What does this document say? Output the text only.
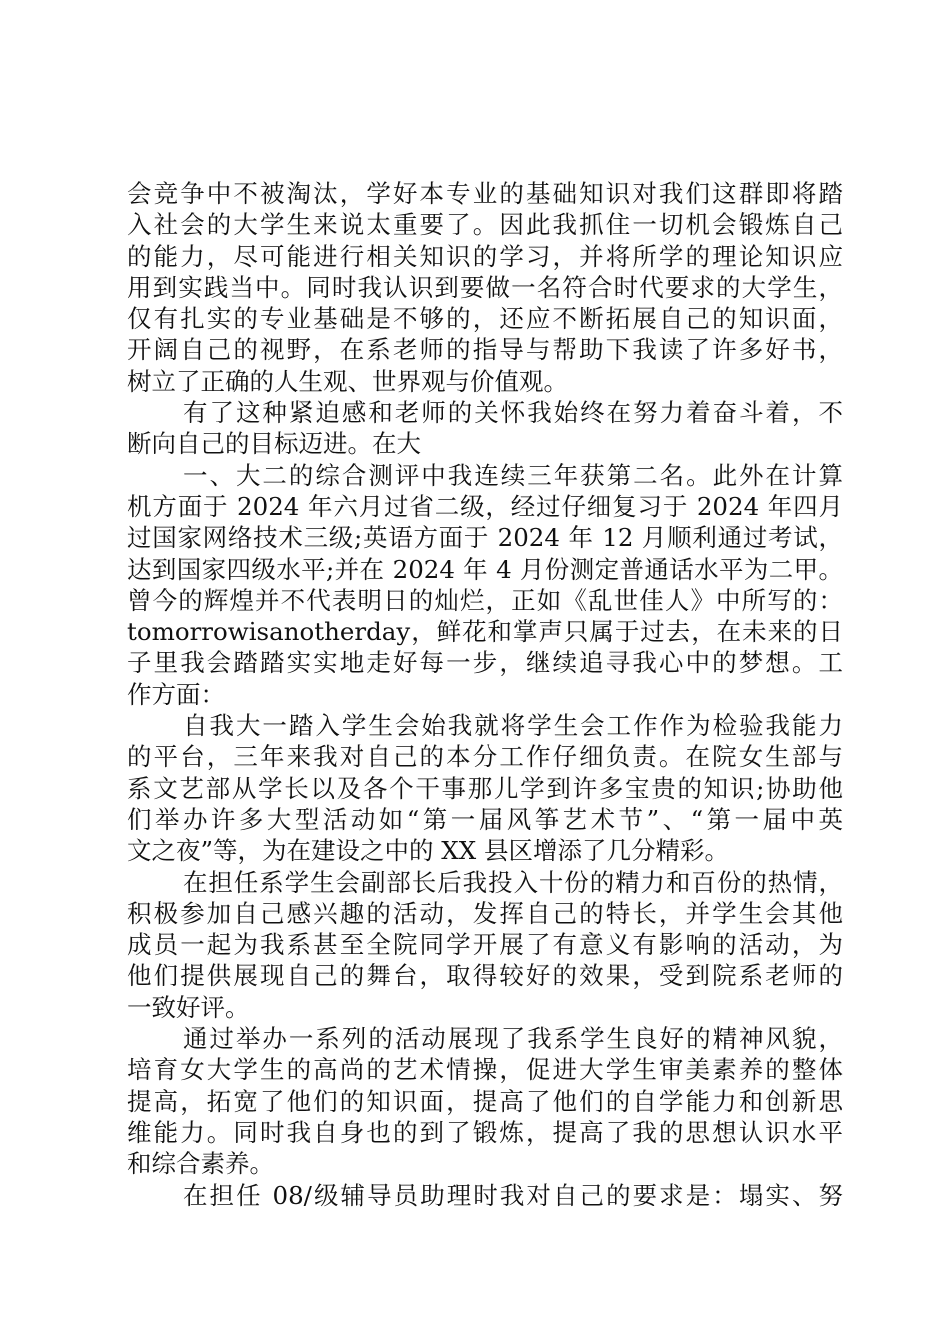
会竞争中不被淘汰，学好本专业的基础知识对我们这群即将踏
入社会的大学生来说太重要了。因此我抓住一切机会锻炼自己
的能力，尽可能进行相关知识的学习，并将所学的理论知识应
用到实践当中。同时我认识到要做一名符合时代要求的大学生，
仅有扎实的专业基础是不够的，还应不断拓展自己的知识面，
开阔自己的视野，在系老师的指导与帮助下我读了许多好书，
树立了正确的人生观、世界观与价值观。
有了这种紧迫感和老师的关怀我始终在努力着奋斗着，不
断向自己的目标迈进。在大
一、大二的综合测评中我连续三年获第二名。此外在计算
机方面于 2024 年六月过省二级，经过仔细复习于 2024 年四月
过国家网络技术三级;英语方面于 2024 年 12 月顺利通过考试，
达到国家四级水平;并在 2024 年 4 月份测定普通话水平为二甲。
曾今的辉煌并不代表明日的灿烂，正如《乱世佳人》中所写的：
tomorrowisanotherday，鲜花和掌声只属于过去，在未来的日
子里我会踏踏实实地走好每一步，继续追寻我心中的梦想。工
作方面：
自我大一踏入学生会始我就将学生会工作作为检验我能力
的平台，三年来我对自己的本分工作仔细负责。在院女生部与
系文艺部从学长以及各个干事那儿学到许多宝贵的知识;协助他
们举办许多大型活动如“第一届风筝艺术节”、“第一届中英
文之夜”等，为在建设之中的 XX 县区增添了几分精彩。
在担任系学生会副部长后我投入十份的精力和百份的热情，
积极参加自己感兴趣的活动，发挥自己的特长，并学生会其他
成员一起为我系甚至全院同学开展了有意义有影响的活动，为
他们提供展现自己的舞台，取得较好的效果，受到院系老师的
一致好评。
通过举办一系列的活动展现了我系学生良好的精神风貌，
培育女大学生的高尚的艺术情操，促进大学生审美素养的整体
提高，拓宽了他们的知识面，提高了他们的自学能力和创新思
维能力。同时我自身也的到了锻炼，提高了我的思想认识水平
和综合素养。
在担任 08/级辅导员助理时我对自己的要求是：塌实、努
